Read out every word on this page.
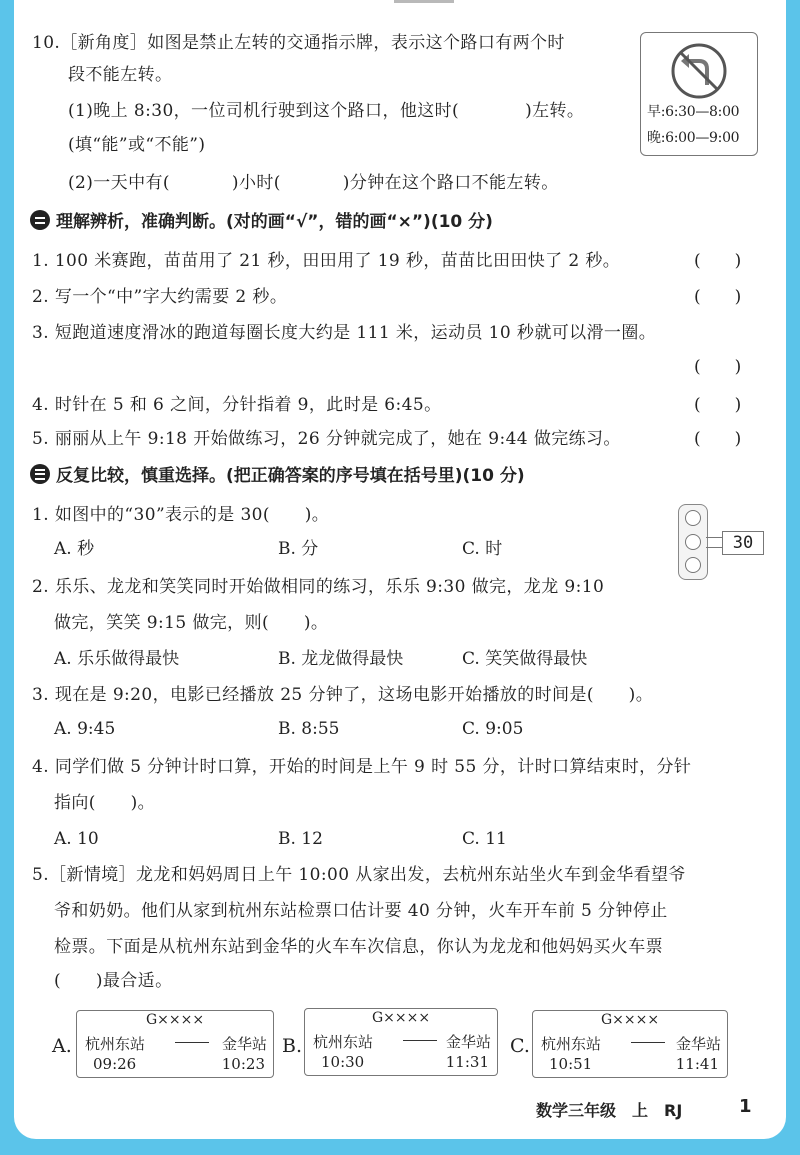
10.［新角度］如图是禁止左转的交通指示牌，表示这个路口有两个时
段不能左转。
(1)晚上 8:30，一位司机行驶到这个路口，他这时(	)左转。
(填“能”或“不能”)
(2)一天中有(	)小时(	)分钟在这个路口不能左转。
早:6:30—8:00
晚:6:00—9:00
理解辨析，准确判断。(对的画“√”，错的画“×”)(10 分)
1. 100 米赛跑，苗苗用了 21 秒，田田用了 19 秒，苗苗比田田快了 2 秒。	(　　)
2. 写一个“中”字大约需要 2 秒。	(　　)
3. 短跑道速度滑冰的跑道每圈长度大约是 111 米，运动员 10 秒就可以滑一圈。
(　　)
4. 时针在 5 和 6 之间，分针指着 9，此时是 6:45。	(　　)
5. 丽丽从上午 9:18 开始做练习，26 分钟就完成了，她在 9:44 做完练习。	(　　)
反复比较，慎重选择。(把正确答案的序号填在括号里)(10 分)
1. 如图中的“30”表示的是 30(　　)。
A. 秒	B. 分	C. 时	30
2. 乐乐、龙龙和笑笑同时开始做相同的练习，乐乐 9:30 做完，龙龙 9:10
做完，笑笑 9:15 做完，则(　　)。
A. 乐乐做得最快	B. 龙龙做得最快	C. 笑笑做得最快
3. 现在是 9:20，电影已经播放 25 分钟了，这场电影开始播放的时间是(　　)。
A. 9:45	B. 8:55	C. 9:05
4. 同学们做 5 分钟计时口算，开始的时间是上午 9 时 55 分，计时口算结束时，分针
指向(　　)。
A. 10	B. 12	C. 11
5.［新情境］龙龙和妈妈周日上午 10:00 从家出发，去杭州东站坐火车到金华看望爷
爷和奶奶。他们从家到杭州东站检票口估计要 40 分钟，火车开车前 5 分钟停止
检票。下面是从杭州东站到金华的火车车次信息，你认为龙龙和他妈妈买火车票
(　　)最合适。
A.
G××××
杭州东站	金华站
09:26	10:23
B.
G××××
杭州东站	金华站
10:30	11:31
C.
G××××
杭州东站	金华站
10:51	11:41
数学三年级　上　RJ	1
